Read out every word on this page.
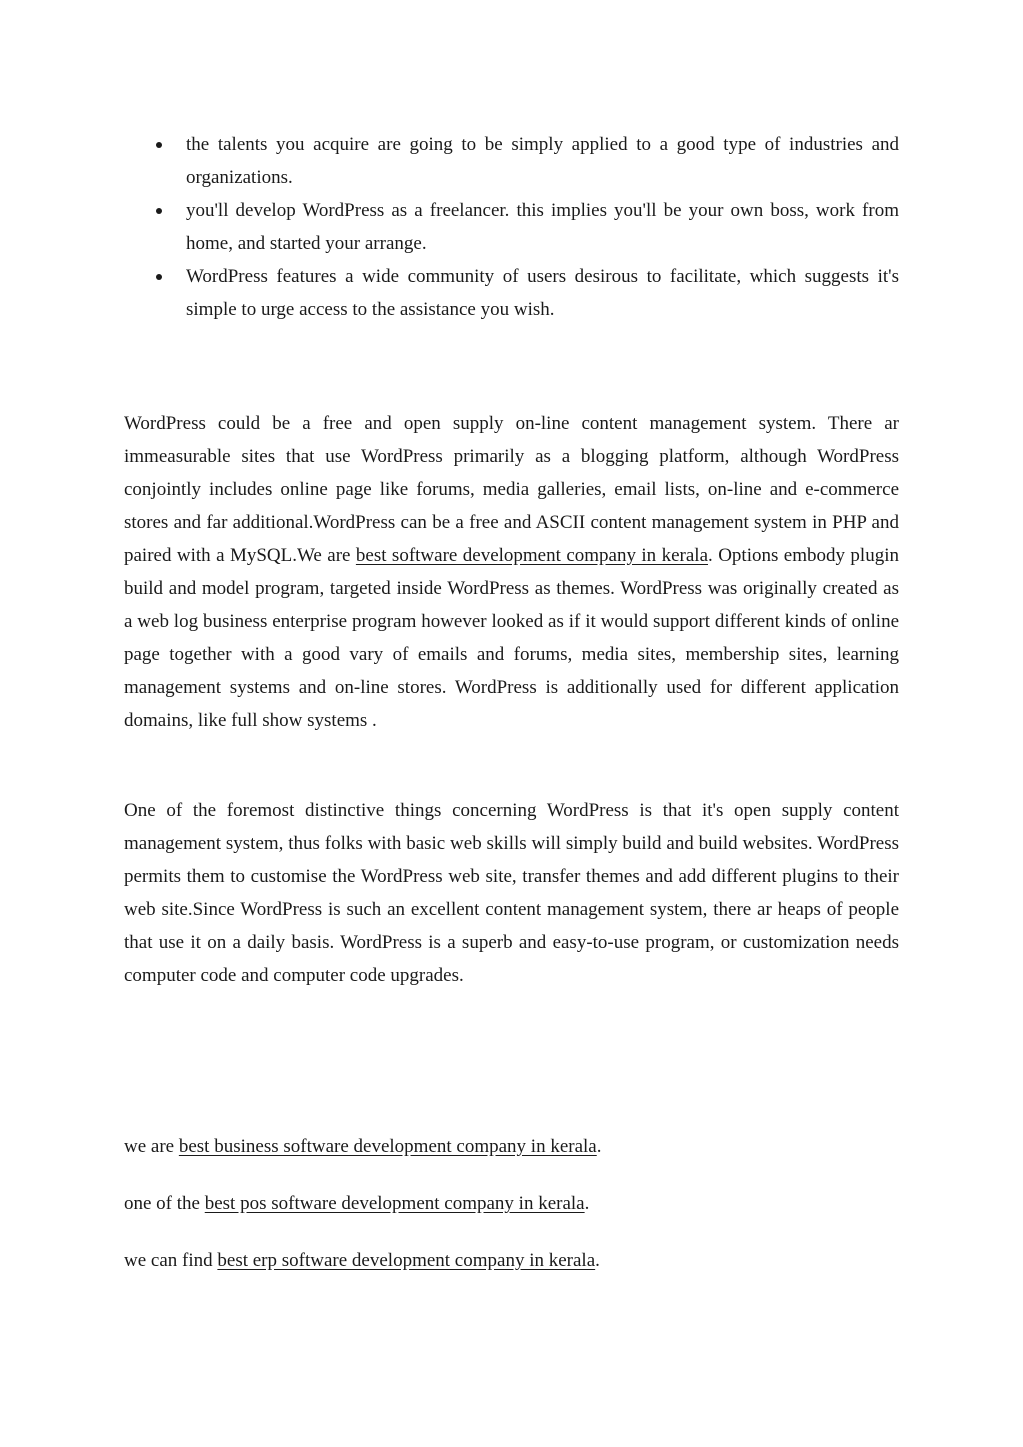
the talents you acquire are going to be simply applied to a good type of industries and organizations.
you'll develop WordPress as a freelancer. this implies you'll be your own boss, work from home, and started your arrange.
WordPress features a wide community of users desirous to facilitate, which suggests it's simple to urge access to the assistance you wish.

WordPress could be a free and open supply on-line content management system. There ar immeasurable sites that use WordPress primarily as a blogging platform, although WordPress conjointly includes online page like forums, media galleries, email lists, on-line and e-commerce stores and far additional.WordPress can be a free and ASCII content management system in PHP and paired with a MySQL.We are best software development company in kerala. Options embody plugin build and model program, targeted inside WordPress as themes. WordPress was originally created as a web log business enterprise program however looked as if it would support different kinds of online page together with a good vary of emails and forums, media sites, membership sites, learning management systems and on-line stores. WordPress is additionally used for different application domains, like full show systems .

One of the foremost distinctive things concerning WordPress is that it's open supply content management system, thus folks with basic web skills will simply build and build websites. WordPress permits them to customise the WordPress web site, transfer themes and add different plugins to their web site.Since WordPress is such an excellent content management system, there ar heaps of people that use it on a daily basis. WordPress is a superb and easy-to-use program, or customization needs computer code and computer code upgrades.

we are best business software development company in kerala.

one of the best pos software development company in kerala.

we can find best erp software development company in kerala.
